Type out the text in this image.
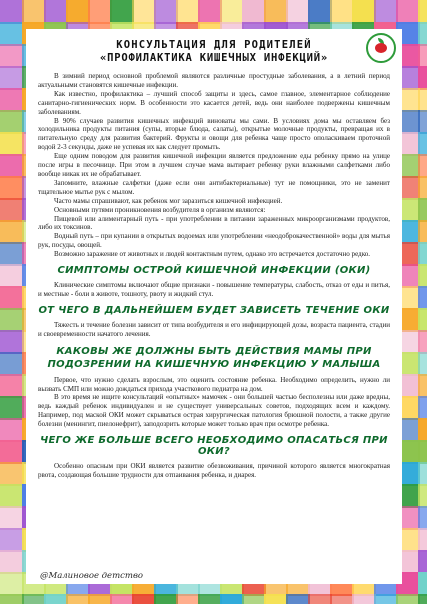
КОНСУЛЬТАЦИЯ ДЛЯ РОДИТЕЛЕЙ
«ПРОФИЛАКТИКА КИШЕЧНЫХ ИНФЕКЦИЙ»

В зимний период основной проблемой являются различные простудные заболевания, а в летний период актуальными становятся кишечные инфекции.

Как известно, профилактика – лучший способ защиты и здесь, самое главное, элементарное соблюдение санитарно-гигиенических норм. В особенности это касается детей, ведь они наиболее подвержены кишечным заболеваниям.

В 90% случаев развития кишечных инфекций виноваты мы сами. В условиях дома мы оставляем без холодильника продукты питания (супы, вторые блюда, салаты), открытые молочные продукты, превращая их в питательную среду для развития бактерий. Фрукты и овощи для ребенка чаще просто ополаскиваем проточной водой 2-3 секунды, даже не успевая их как следует промыть.

Еще одним поводом для развития кишечной инфекции является предложение еды ребенку прямо на улице после игры в песочнице. При этом в лучшем случае мама вытирает ребенку руки влажными салфетками либо вообще никак их не обрабатывает.

Запомните, влажные салфетки (даже если они антибактериальные) тут не помощники, это не заменит тщательное мытье рук с мылом.

Часто мамы спрашивают, как ребенок мог заразиться кишечной инфекцией.

Основными путями проникновения возбудителя в организм являются:

Пищевой или алиментарный путь - при употреблении в питании зараженных микроорганизмами продуктов, либо их токсинов.

Водный путь – при купании в открытых водоемах или употреблении «неодоброкачественной» воды для мытья рук, посуды, овощей.

Возможно заражение от животных и людей контактным путем, однако это встречается достаточно редко.

СИМПТОМЫ ОСТРОЙ КИШЕЧНОЙ ИНФЕКЦИИ (ОКИ)

Клинические симптомы включают общие признаки - повышение температуры, слабость, отказ от еды и питья, и местные - боли в животе, тошноту, рвоту и жидкий стул.

ОТ ЧЕГО В ДАЛЬНЕЙШЕМ БУДЕТ ЗАВИСЕТЬ ТЕЧЕНИЕ ОКИ

Тяжесть и течение болезни зависит от типа возбудителя и его инфицирующей дозы, возраста пациента, стадии и своевременности начатого лечения.

КАКОВЫ ЖЕ ДОЛЖНЫ БЫТЬ ДЕЙСТВИЯ МАМЫ ПРИ
ПОДОЗРЕНИИ НА КИШЕЧНУЮ ИНФЕКЦИЮ У МАЛЫША

Первое, что нужно сделать взрослым, это оценить состояние ребенка. Необходимо определить, нужно ли вызвать СМП или можно дождаться прихода участкового педиатра на дом.

В это время не ищите консультаций «опытных» мамочек - они большей частью бесполезны или даже вредны, ведь каждый ребенок индивидуален и не существует универсальных советов, подходящих всем и каждому. Например, под маской ОКИ может скрываться острая хирургическая патология брюшной полости, а также другие болезни (менингит, пиелонефрит), заподозрить которые может только врач при осмотре ребенка.

ЧЕГО ЖЕ БОЛЬШЕ ВСЕГО НЕОБХОДИМО ОПАСАТЬСЯ ПРИ ОКИ?

Особенно опасным при ОКИ является развитие обезвоживания, причиной которого является многократная рвота, создающая большие трудности для отпаивания ребенка, и диарея.

@Малиновое детство
